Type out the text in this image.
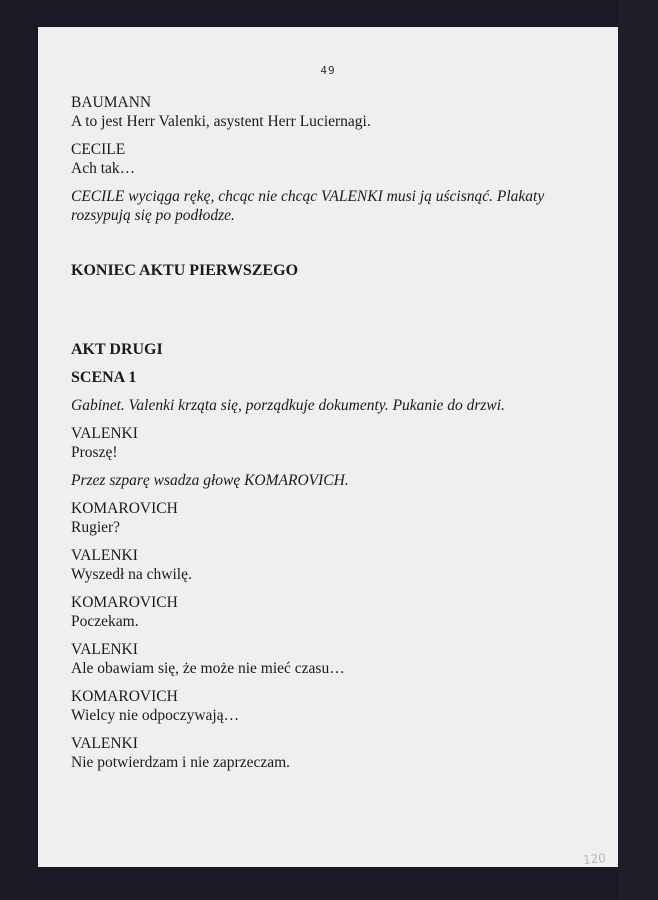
49
BAUMANN
A to jest Herr Valenki, asystent Herr Luciernagi.
CECILE
Ach tak…
CECILE wyciąga rękę, chcąc nie chcąc VALENKI musi ją uścisnąć. Plakaty rozsypują się po podłodze.
KONIEC AKTU PIERWSZEGO
AKT DRUGI
SCENA 1
Gabinet. Valenki krząta się, porządkuje dokumenty. Pukanie do drzwi.
VALENKI
Proszę!
Przez szparę wsadza głowę KOMAROVICH.
KOMAROVICH
Rugier?
VALENKI
Wyszedł na chwilę.
KOMAROVICH
Poczekam.
VALENKI
Ale obawiam się, że może nie mieć czasu…
KOMAROVICH
Wielcy nie odpoczywają…
VALENKI
Nie potwierdzam i nie zaprzeczam.
120
